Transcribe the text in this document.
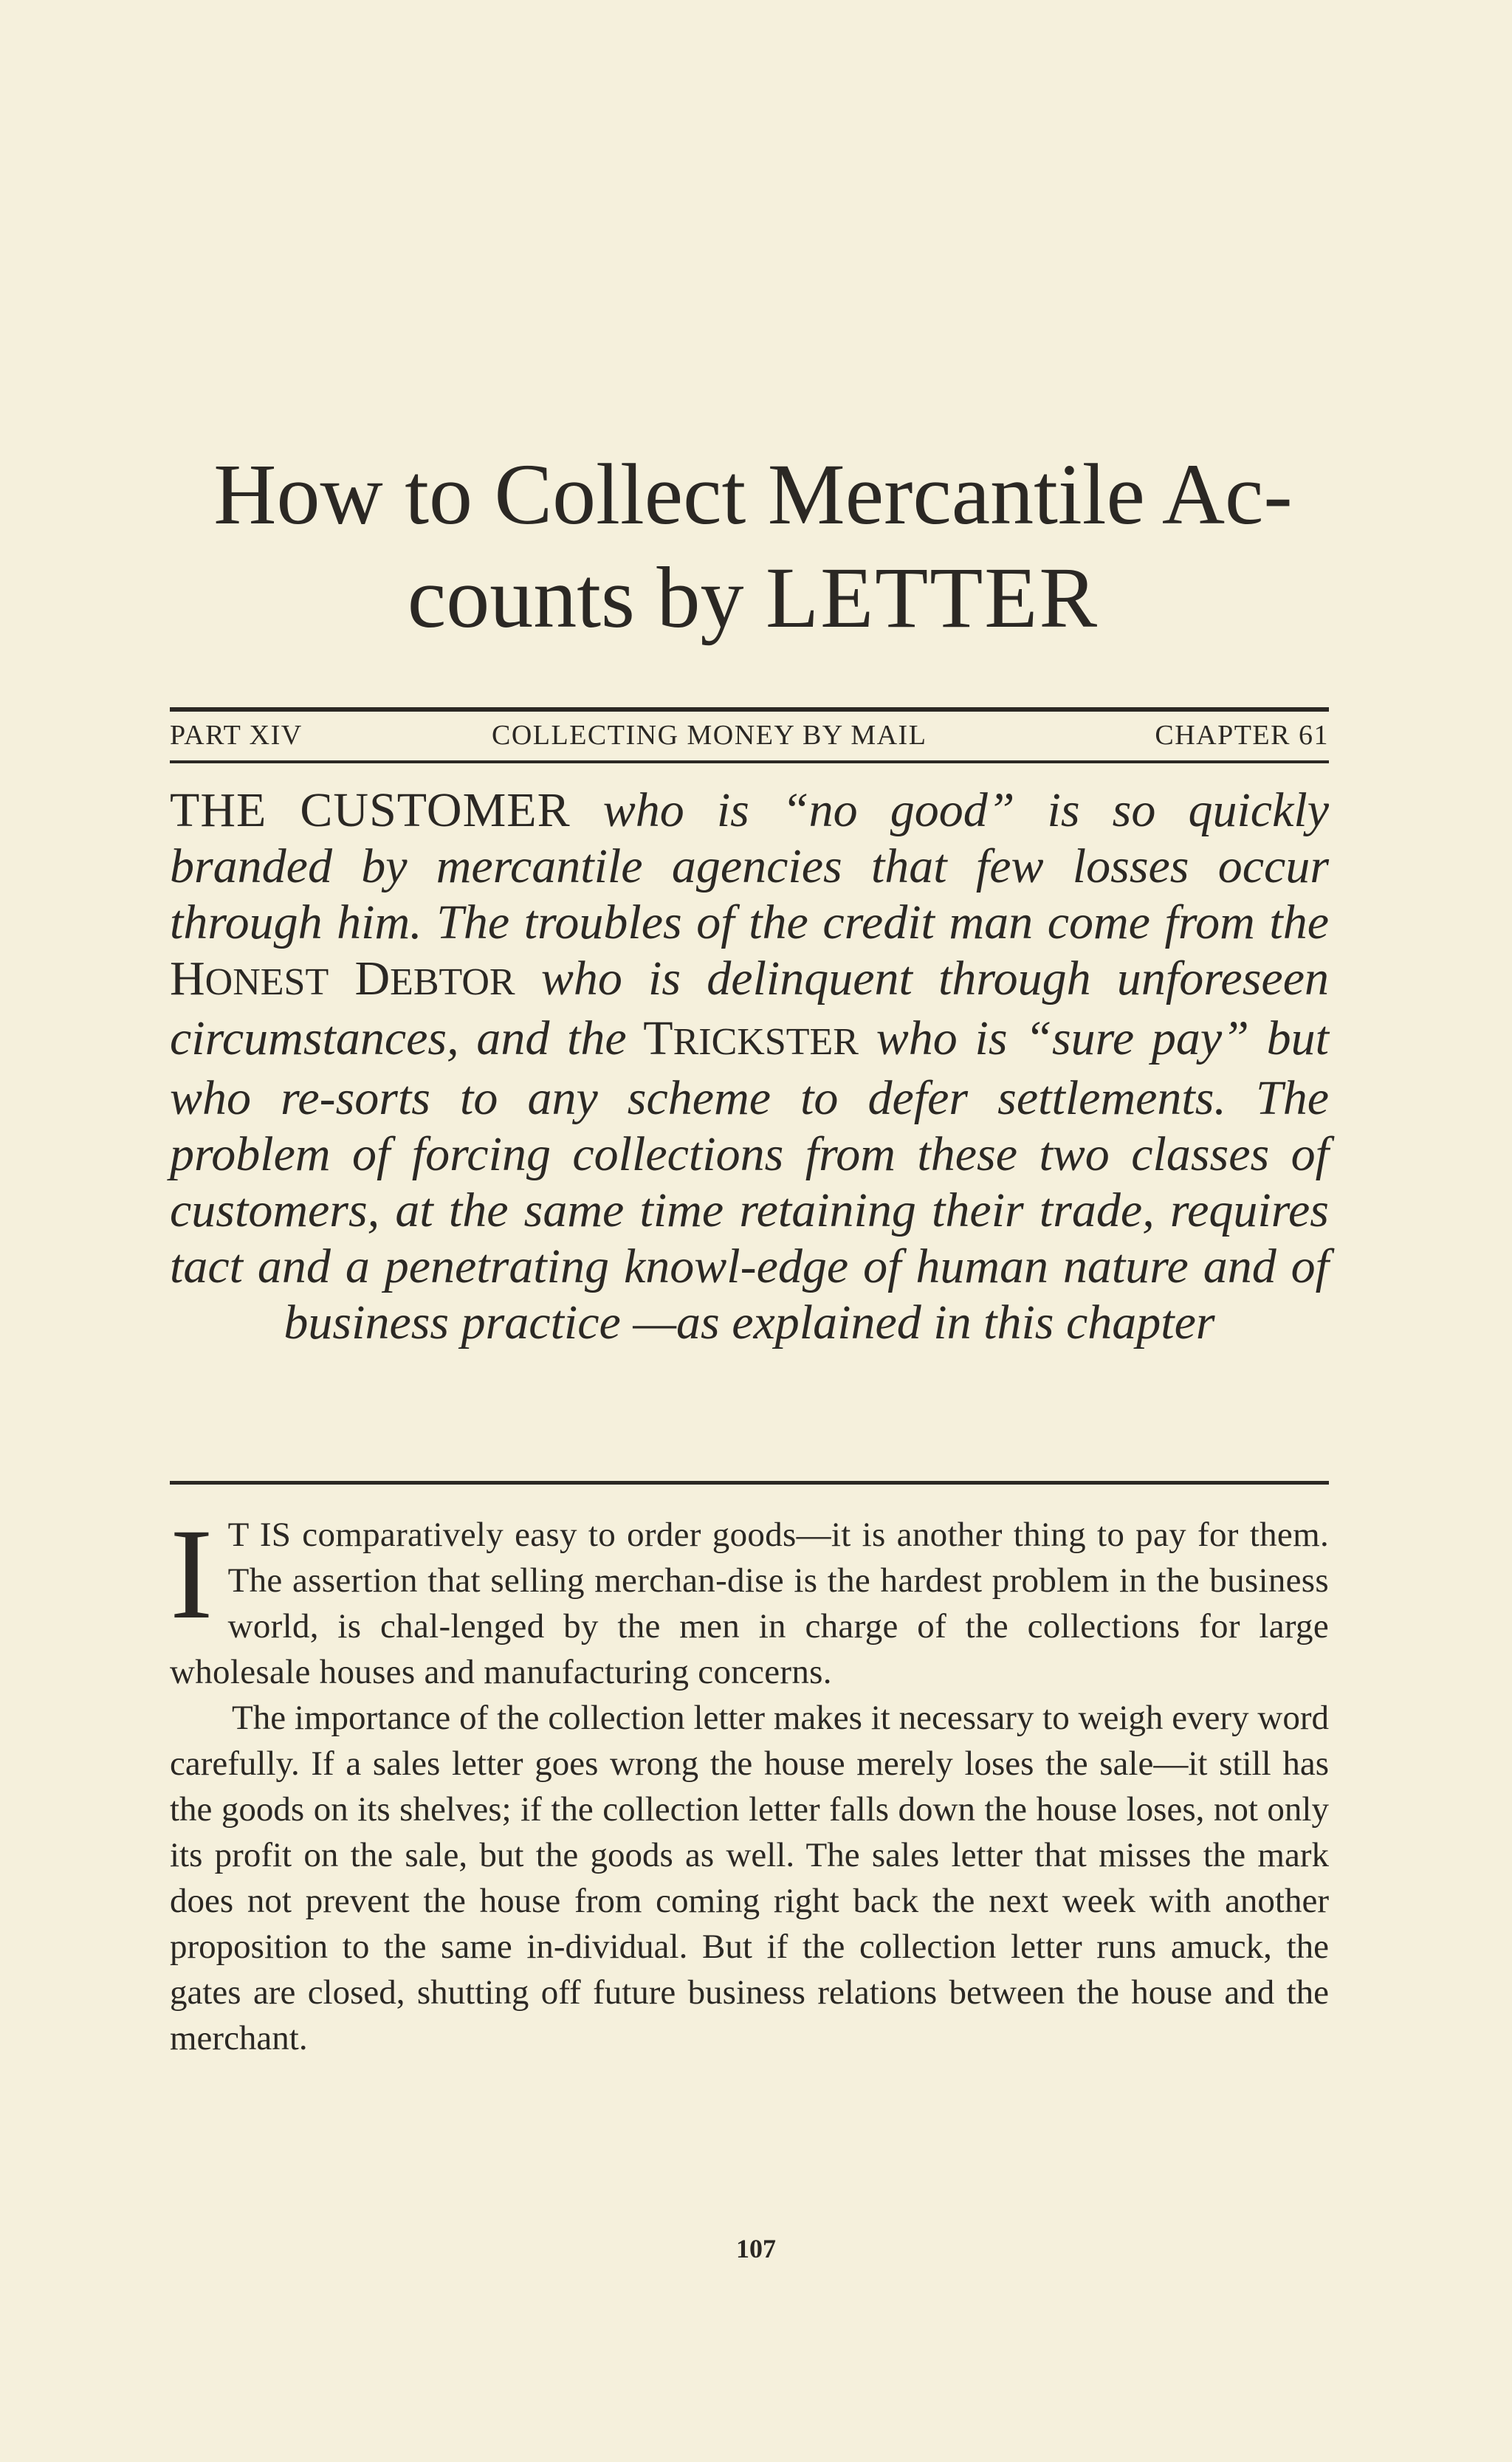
How to Collect Mercantile Ac-
counts by LETTER
PART XIV	COLLECTING MONEY BY MAIL	CHAPTER 61

THE CUSTOMER who is “no good” is so quickly branded by mercantile agencies that few losses occur through him. The troubles of the credit man come from the HONEST DEBTOR who is delinquent through unforeseen circumstances, and the TRICKSTER who is “sure pay” but who re-sorts to any scheme to defer settlements. The problem of forcing collections from these two classes of customers, at the same time retaining their trade, requires tact and a penetrating knowl-edge of human nature and of business practice —as explained in this chapter

I T IS comparatively easy to order goods—it is another thing to pay for them. The assertion that selling merchan-dise is the hardest problem in the business world, is chal-lenged by the men in charge of the collections for large wholesale houses and manufacturing concerns.

The importance of the collection letter makes it necessary to weigh every word carefully. If a sales letter goes wrong the house merely loses the sale—it still has the goods on its shelves; if the collection letter falls down the house loses, not only its profit on the sale, but the goods as well. The sales letter that misses the mark does not prevent the house from coming right back the next week with another proposition to the same in-dividual. But if the collection letter runs amuck, the gates are closed, shutting off future business relations between the house and the merchant.

107
